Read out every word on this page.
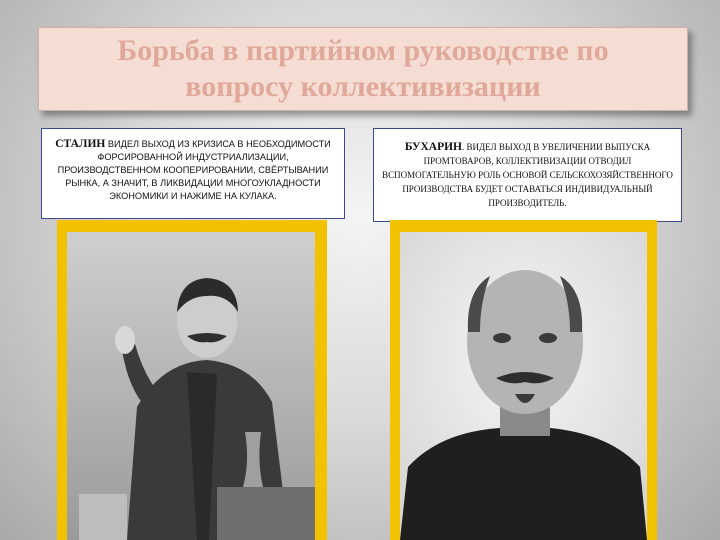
Борьба в партийном руководстве по
вопросу коллективизации

СТАЛИН ВИДЕЛ ВЫХОД ИЗ КРИЗИСА В НЕОБХОДИМОСТИ ФОРСИРОВАННОЙ ИНДУСТРИАЛИЗАЦИИ, ПРОИЗВОДСТВЕННОМ КООПЕРИРОВАНИИ, СВЁРТЫВАНИИ РЫНКА, А ЗНАЧИТ, В ЛИКВИДАЦИИ МНОГОУКЛАДНОСТИ ЭКОНОМИКИ И НАЖИМЕ НА КУЛАКА.

БУХАРИН. ВИДЕЛ ВЫХОД В УВЕЛИЧЕНИИ ВЫПУСКА ПРОМТОВАРОВ, КОЛЛЕКТИВИЗАЦИИ ОТВОДИЛ ВСПОМОГАТЕЛЬНУЮ РОЛЬ ОСНОВОЙ СЕЛЬСКОХОЗЯЙСТВЕННОГО ПРОИЗВОДСТВА БУДЕТ ОСТАВАТЬСЯ ИНДИВИДУАЛЬНЫЙ ПРОИЗВОДИТЕЛЬ.
